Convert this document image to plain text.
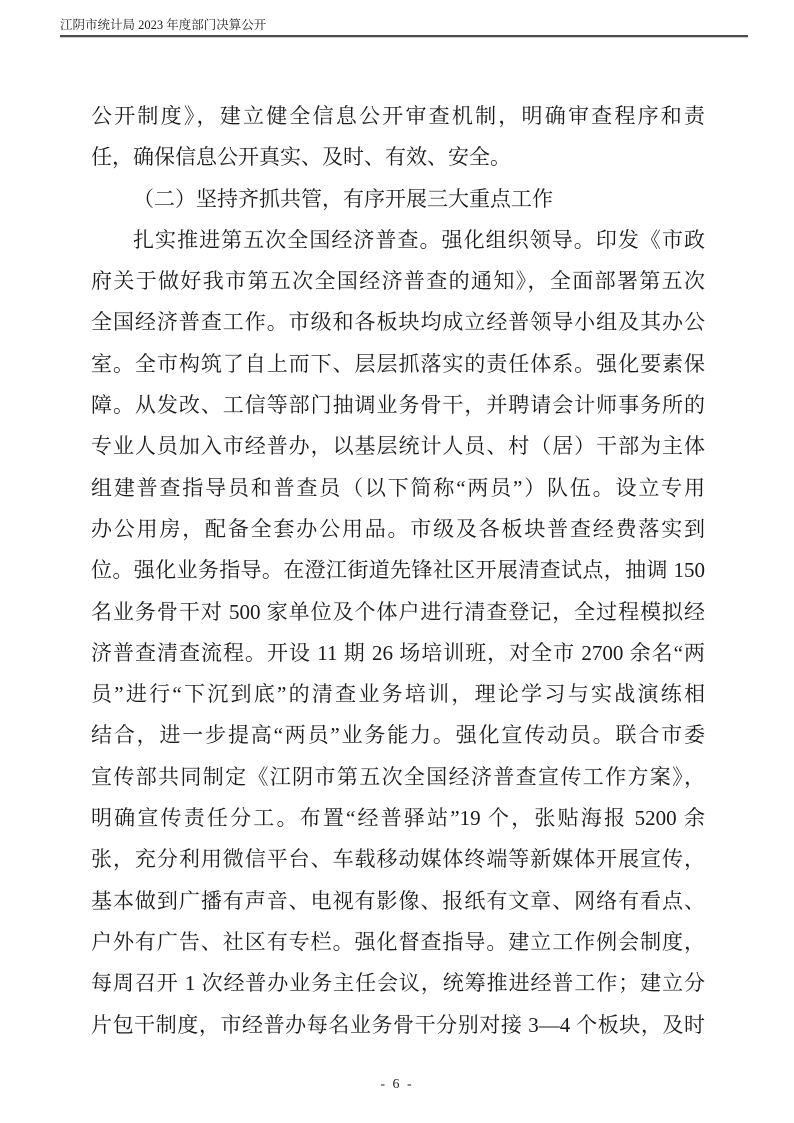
江阴市统计局 2023 年度部门决算公开
公开制度》，建立健全信息公开审查机制，明确审查程序和责
任，确保信息公开真实、及时、有效、安全。
（二）坚持齐抓共管，有序开展三大重点工作
扎实推进第五次全国经济普查。强化组织领导。印发《市政
府关于做好我市第五次全国经济普查的通知》，全面部署第五次
全国经济普查工作。市级和各板块均成立经普领导小组及其办公
室。全市构筑了自上而下、层层抓落实的责任体系。强化要素保
障。从发改、工信等部门抽调业务骨干，并聘请会计师事务所的
专业人员加入市经普办，以基层统计人员、村（居）干部为主体
组建普查指导员和普查员（以下简称“两员”）队伍。设立专用
办公用房，配备全套办公用品。市级及各板块普查经费落实到
位。强化业务指导。在澄江街道先锋社区开展清查试点，抽调 150
名业务骨干对 500 家单位及个体户进行清查登记，全过程模拟经
济普查清查流程。开设 11 期 26 场培训班，对全市 2700 余名“两
员”进行“下沉到底”的清查业务培训，理论学习与实战演练相
结合，进一步提高“两员”业务能力。强化宣传动员。联合市委
宣传部共同制定《江阴市第五次全国经济普查宣传工作方案》，
明确宣传责任分工。布置“经普驿站”19 个，张贴海报 5200 余
张，充分利用微信平台、车载移动媒体终端等新媒体开展宣传，
基本做到广播有声音、电视有影像、报纸有文章、网络有看点、
户外有广告、社区有专栏。强化督查指导。建立工作例会制度，
每周召开 1 次经普办业务主任会议，统筹推进经普工作；建立分
片包干制度，市经普办每名业务骨干分别对接 3—4 个板块，及时
- 6 -
